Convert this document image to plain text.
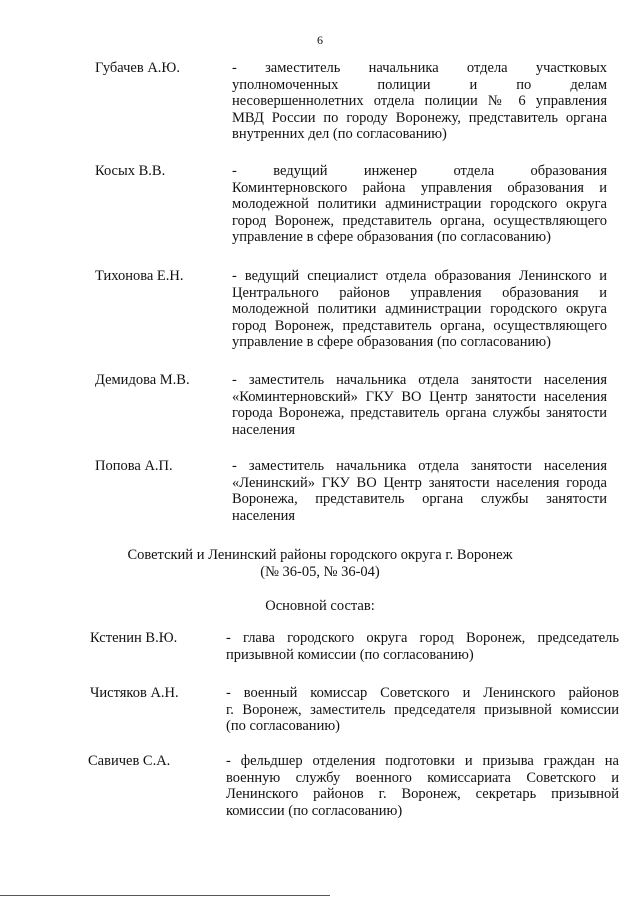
6
Губачев А.Ю.	- заместитель начальника отдела участковых
уполномоченных полиции и по делам
несовершеннолетних отдела полиции № 6 управления
МВД России по городу Воронежу, представитель органа
внутренних дел (по согласованию)
Косых В.В.	- ведущий инженер отдела образования
Коминтерновского района управления образования и
молодежной политики администрации городского округа
город Воронеж, представитель органа, осуществляющего
управление в сфере образования (по согласованию)
Тихонова Е.Н.	- ведущий специалист отдела образования Ленинского и
Центрального районов управления образования и
молодежной политики администрации городского округа
город Воронеж, представитель органа, осуществляющего
управление в сфере образования (по согласованию)
Демидова М.В.	- заместитель начальника отдела занятости населения
«Коминтерновский» ГКУ ВО Центр занятости населения
города Воронежа, представитель органа службы занятости
населения
Попова А.П.	- заместитель начальника отдела занятости населения
«Ленинский» ГКУ ВО Центр занятости населения города
Воронежа, представитель органа службы занятости
населения
Советский и Ленинский районы городского округа г. Воронеж
(№ 36-05, № 36-04)
Основной состав:
Кстенин В.Ю.	- глава городского округа город Воронеж, председатель
призывной комиссии (по согласованию)
Чистяков А.Н.	- военный комиссар Советского и Ленинского районов
г. Воронеж, заместитель председателя призывной комиссии
(по согласованию)
Савичев С.А.	- фельдшер отделения подготовки и призыва граждан на
военную службу военного комиссариата Советского и
Ленинского районов г. Воронеж, секретарь призывной
комиссии (по согласованию)
